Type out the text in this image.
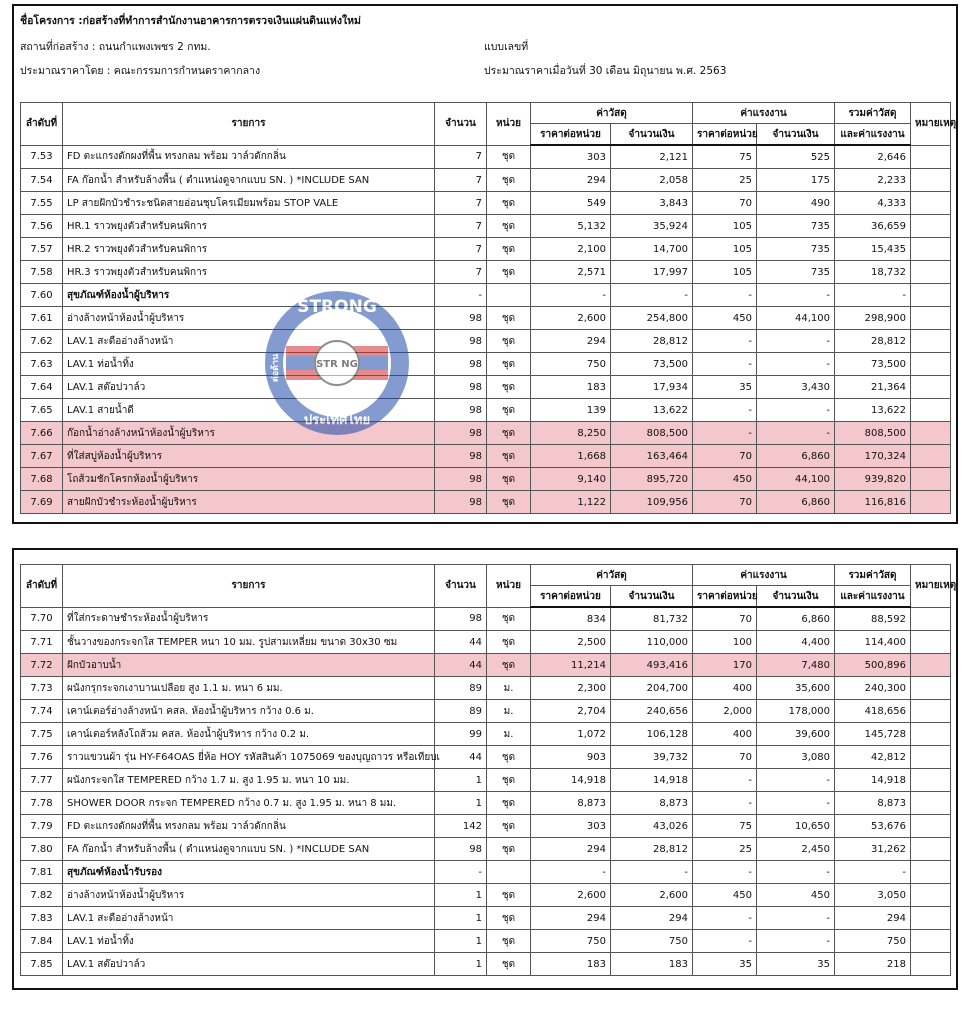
ชื่อโครงการ :ก่อสร้างที่ทำการสำนักงานอาคารการตรวจเงินแผ่นดินแห่งใหม่
สถานที่ก่อสร้าง : ถนนกำแพงเพชร 2 กทม.	แบบเลขที่
ประมาณราคาโดย : คณะกรรมการกำหนดราคากลาง	ประมาณราคาเมื่อวันที่ 30 เดือน มิถุนายน พ.ศ. 2563
ลำดับที่	รายการ	จำนวน	หน่วย	ค่าวัสดุ		ค่าแรงงาน		รวมค่าวัสดุ	หมายเหตุ
				ราคาต่อหน่วย	จำนวนเงิน	ราคาต่อหน่วย	จำนวนเงิน	และค่าแรงงาน	
7.53	FD ตะแกรงดักผงที่พื้น ทรงกลม พร้อม วาล์วดักกลิ่น	7	ชุด	303	2,121	75	525	2,646	
7.54	FA ก๊อกน้ำ สำหรับล้างพื้น ( ตำแหน่งดูจากแบบ SN. ) *INCLUDE SAN	7	ชุด	294	2,058	25	175	2,233	
7.55	LP สายฝักบัวชำระชนิดสายอ่อนชุบโครเมียมพร้อม STOP VALE	7	ชุด	549	3,843	70	490	4,333	
7.56	HR.1 ราวพยุงตัวสำหรับคนพิการ	7	ชุด	5,132	35,924	105	735	36,659	
7.57	HR.2 ราวพยุงตัวสำหรับคนพิการ	7	ชุด	2,100	14,700	105	735	15,435	
7.58	HR.3 ราวพยุงตัวสำหรับคนพิการ	7	ชุด	2,571	17,997	105	735	18,732	
7.60	สุขภัณฑ์ห้องน้ำผู้บริหาร	-		-	-	-	-	-	
7.61	อ่างล้างหน้าห้องน้ำผู้บริหาร	98	ชุด	2,600	254,800	450	44,100	298,900	
7.62	LAV.1 สะดืออ่างล้างหน้า	98	ชุด	294	28,812	-	-	28,812	
7.63	LAV.1 ท่อน้ำทิ้ง	98	ชุด	750	73,500	-	-	73,500	
7.64	LAV.1 สต๊อปวาล์ว	98	ชุด	183	17,934	35	3,430	21,364	
7.65	LAV.1 สายน้ำดี	98	ชุด	139	13,622	-	-	13,622	
7.66	ก๊อกน้ำอ่างล้างหน้าห้องน้ำผู้บริหาร	98	ชุด	8,250	808,500	-	-	808,500	
7.67	ที่ใส่สบู่ห้องน้ำผู้บริหาร	98	ชุด	1,668	163,464	70	6,860	170,324	
7.68	โถส้วมชักโครกห้องน้ำผู้บริหาร	98	ชุด	9,140	895,720	450	44,100	939,820	
7.69	สายฝักบัวชำระห้องน้ำผู้บริหาร	98	ชุด	1,122	109,956	70	6,860	116,816	
STRONG
STR NG
ต่อต้าน
ประเทศไทย
ลำดับที่	รายการ	จำนวน	หน่วย	ค่าวัสดุ		ค่าแรงงาน		รวมค่าวัสดุ	หมายเหตุ
				ราคาต่อหน่วย	จำนวนเงิน	ราคาต่อหน่วย	จำนวนเงิน	และค่าแรงงาน	
7.70	ที่ใส่กระดาษชำระห้องน้ำผู้บริหาร	98	ชุด	834	81,732	70	6,860	88,592	
7.71	ชั้นวางของกระจกใส TEMPER หนา 10 มม. รูปสามเหลี่ยม ขนาด 30x30 ซม	44	ชุด	2,500	110,000	100	4,400	114,400	
7.72	ฝักบัวอาบน้ำ	44	ชุด	11,214	493,416	170	7,480	500,896	
7.73	ผนังกรุกระจกเงาบานเปลือย สูง 1.1 ม. หนา 6 มม.	89	ม.	2,300	204,700	400	35,600	240,300	
7.74	เคาน์เตอร์อ่างล้างหน้า คสล. ห้องน้ำผู้บริหาร กว้าง 0.6 ม.	89	ม.	2,704	240,656	2,000	178,000	418,656	
7.75	เคาน์เตอร์หลังโถส้วม คสล. ห้องน้ำผู้บริหาร กว้าง 0.2 ม.	99	ม.	1,072	106,128	400	39,600	145,728	
7.76	ราวแขวนผ้า รุ่น HY-F64OAS ยี่ห้อ HOY รหัสสินค้า 1075069 ของบุญถาวร หรือเทียบเ	44	ชุด	903	39,732	70	3,080	42,812	
7.77	ผนังกระจกใส TEMPERED กว้าง 1.7 ม. สูง 1.95 ม. หนา 10 มม.	1	ชุด	14,918	14,918	-	-	14,918	
7.78	SHOWER DOOR กระจก TEMPERED กว้าง 0.7 ม. สูง 1.95 ม. หนา 8 มม.	1	ชุด	8,873	8,873	-	-	8,873	
7.79	FD ตะแกรงดักผงที่พื้น ทรงกลม พร้อม วาล์วดักกลิ่น	142	ชุด	303	43,026	75	10,650	53,676	
7.80	FA ก๊อกน้ำ สำหรับล้างพื้น ( ตำแหน่งดูจากแบบ SN. ) *INCLUDE SAN	98	ชุด	294	28,812	25	2,450	31,262	
7.81	สุขภัณฑ์ห้องน้ำรับรอง	-		-	-	-	-	-	
7.82	อ่างล้างหน้าห้องน้ำผู้บริหาร	1	ชุด	2,600	2,600	450	450	3,050	
7.83	LAV.1 สะดืออ่างล้างหน้า	1	ชุด	294	294	-	-	294	
7.84	LAV.1 ท่อน้ำทิ้ง	1	ชุด	750	750	-	-	750	
7.85	LAV.1 สต๊อปวาล์ว	1	ชุด	183	183	35	35	218	
